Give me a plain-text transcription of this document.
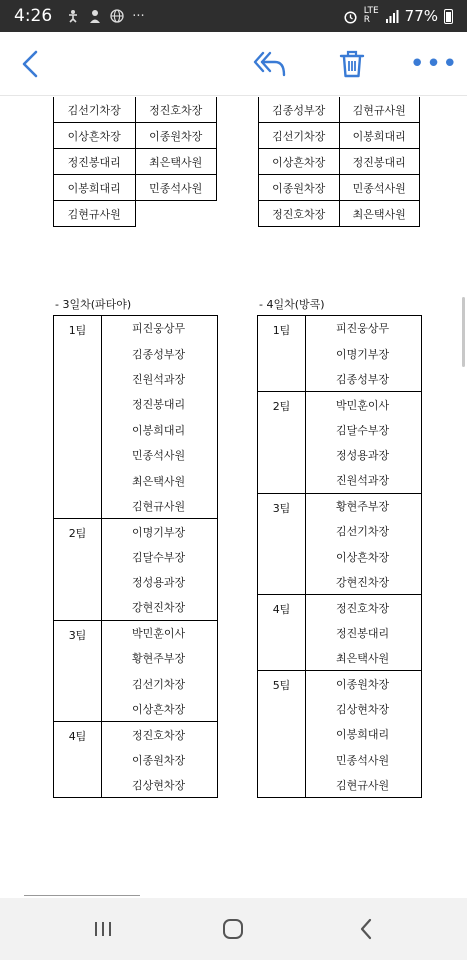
4:26	···	LTE
R	77%
•••
김선기차장	정진호차장
이상흔차장	이종원차장
정진봉대리	최은택사원
이봉희대리	민종석사원
김현규사원	
김종성부장	김현규사원
김선기차장	이봉희대리
이상흔차장	정진봉대리
이종원차장	민종석사원
정진호차장	최은택사원
- 3일차(파타야)
1팀	피진웅상무
	김종성부장
	진원석과장
	정진봉대리
	이봉희대리
	민종석사원
	최은택사원
	김현규사원
2팀	이명기부장
	김달수부장
	정성용과장
	강현진차장
3팀	박민훈이사
	황현주부장
	김선기차장
	이상흔차장
4팀	정진호차장
	이종원차장
	김상현차장
- 4일차(방콕)
1팀	피진웅상무
	이명기부장
	김종성부장
2팀	박민훈이사
	김달수부장
	정성용과장
	진원석과장
3팀	황현주부장
	김선기차장
	이상흔차장
	강현진차장
4팀	정진호차장
	정진봉대리
	최은택사원
5팀	이종원차장
	김상현차장
	이봉희대리
	민종석사원
	김현규사원
